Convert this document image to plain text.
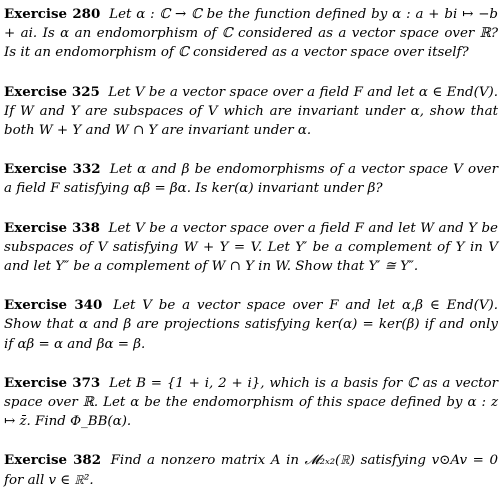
Exercise 280 Let α : ℂ → ℂ be the function defined by α : a + bi ↦ −b + ai. Is α an endomorphism of ℂ considered as a vector space over ℝ? Is it an endomorphism of ℂ considered as a vector space over itself?

Exercise 325 Let V be a vector space over a field F and let α ∈ End(V). If W and Y are subspaces of V which are invariant under α, show that both W + Y and W ∩ Y are invariant under α.

Exercise 332 Let α and β be endomorphisms of a vector space V over a field F satisfying αβ = βα. Is ker(α) invariant under β?

Exercise 338 Let V be a vector space over a field F and let W and Y be subspaces of V satisfying W + Y = V. Let Y′ be a complement of Y in V and let Y″ be a complement of W ∩ Y in W. Show that Y′ ≅ Y″.

Exercise 340 Let V be a vector space over F and let α,β ∈ End(V). Show that α and β are projections satisfying ker(α) = ker(β) if and only if αβ = α and βα = β.

Exercise 373 Let B = {1 + i, 2 + i}, which is a basis for ℂ as a vector space over ℝ. Let α be the endomorphism of this space defined by α : z ↦ z̄. Find Φ_BB(α).

Exercise 382 Find a nonzero matrix A in 𝓜₂ₓ₂(ℝ) satisfying v⊙Av = 0 for all v ∈ ℝ².
